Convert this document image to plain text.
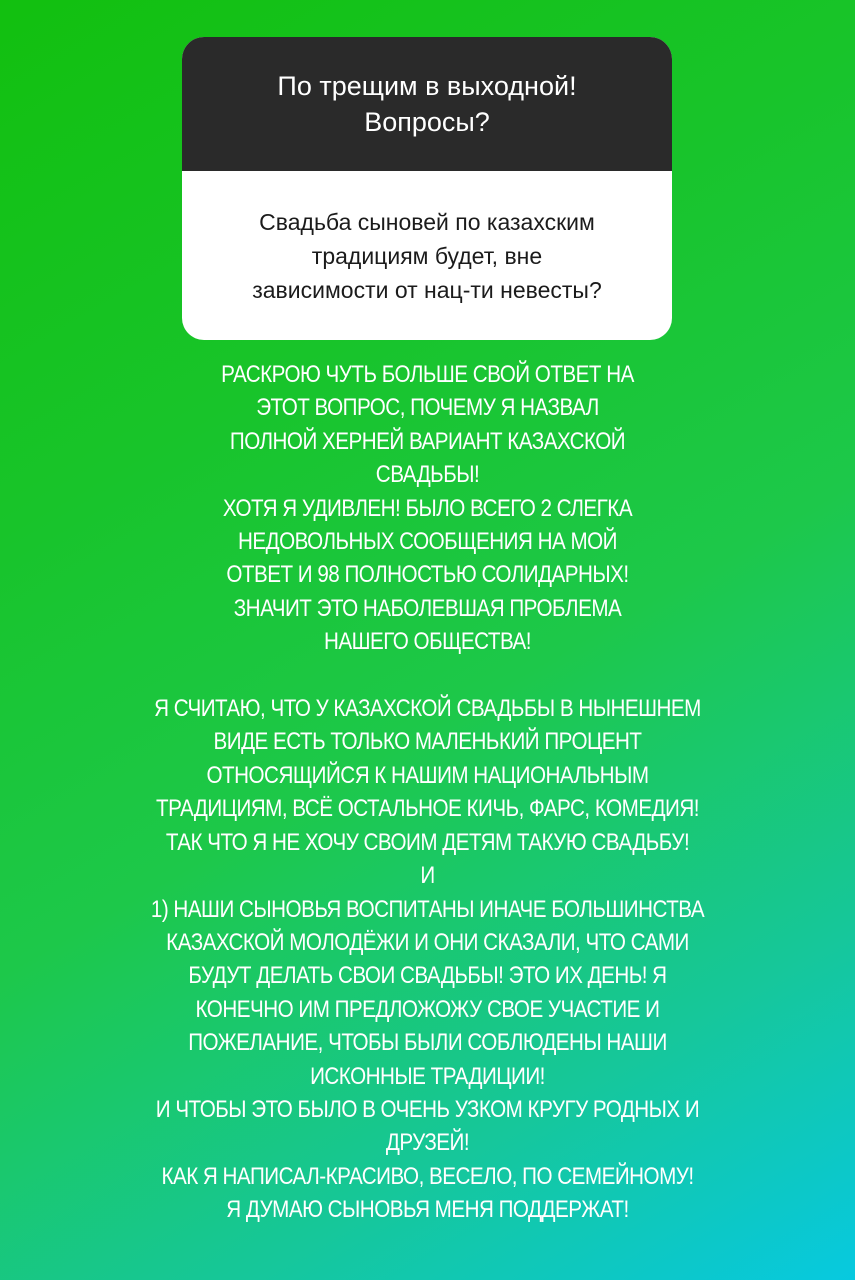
По трещим в выходной!
Вопросы?
Свадьба сыновей по казахским
традициям будет, вне
зависимости от нац-ти невесты?

РАСКРОЮ ЧУТЬ БОЛЬШЕ СВОЙ ОТВЕТ НА
ЭТОТ ВОПРОС, ПОЧЕМУ Я НАЗВАЛ
ПОЛНОЙ ХЕРНЕЙ ВАРИАНТ КАЗАХСКОЙ
СВАДЬБЫ!
ХОТЯ Я УДИВЛЕН! БЫЛО ВСЕГО 2 СЛЕГКА
НЕДОВОЛЬНЫХ СООБЩЕНИЯ НА МОЙ
ОТВЕТ И 98 ПОЛНОСТЬЮ СОЛИДАРНЫХ!
ЗНАЧИТ ЭТО НАБОЛЕВШАЯ ПРОБЛЕМА
НАШЕГО ОБЩЕСТВА!

Я СЧИТАЮ, ЧТО У КАЗАХСКОЙ СВАДЬБЫ В НЫНЕШНЕМ
ВИДЕ ЕСТЬ ТОЛЬКО МАЛЕНЬКИЙ ПРОЦЕНТ
ОТНОСЯЩИЙСЯ К НАШИМ НАЦИОНАЛЬНЫМ
ТРАДИЦИЯМ, ВСЁ ОСТАЛЬНОЕ КИЧЬ, ФАРС, КОМЕДИЯ!
ТАК ЧТО Я НЕ ХОЧУ СВОИМ ДЕТЯМ ТАКУЮ СВАДЬБУ!
И
1) НАШИ СЫНОВЬЯ ВОСПИТАНЫ ИНАЧЕ БОЛЬШИНСТВА
КАЗАХСКОЙ МОЛОДЁЖИ И ОНИ СКАЗАЛИ, ЧТО САМИ
БУДУТ ДЕЛАТЬ СВОИ СВАДЬБЫ! ЭТО ИХ ДЕНЬ! Я
КОНЕЧНО ИМ ПРЕДЛОЖОЖУ СВОЕ УЧАСТИЕ И
ПОЖЕЛАНИЕ, ЧТОБЫ БЫЛИ СОБЛЮДЕНЫ НАШИ
ИСКОННЫЕ ТРАДИЦИИ!
И ЧТОБЫ ЭТО БЫЛО В ОЧЕНЬ УЗКОМ КРУГУ РОДНЫХ И
ДРУЗЕЙ!
КАК Я НАПИСАЛ-КРАСИВО, ВЕСЕЛО, ПО СЕМЕЙНОМУ!
Я ДУМАЮ СЫНОВЬЯ МЕНЯ ПОДДЕРЖАТ!
